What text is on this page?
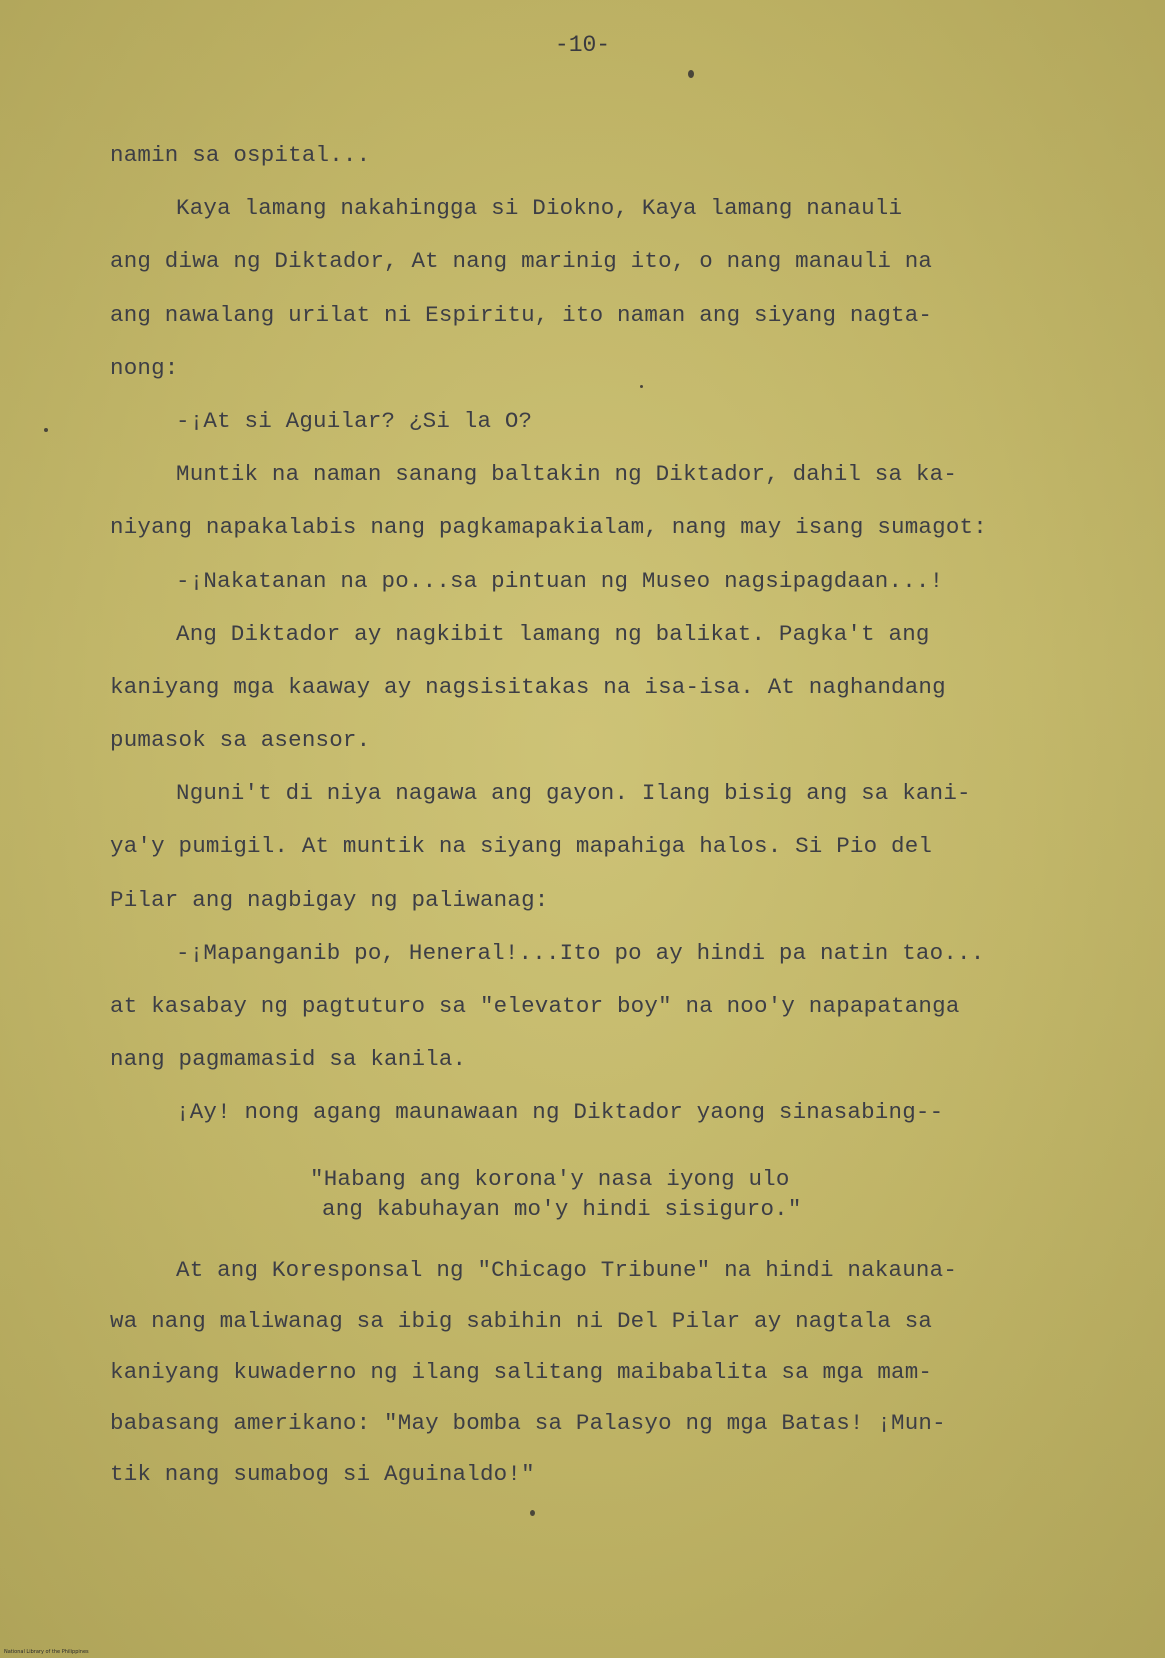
-10-
namin sa ospital...
Kaya lamang nakahingga si Diokno, Kaya lamang nanauli
ang diwa ng Diktador, At nang marinig ito, o nang manauli na
ang nawalang urilat ni Espiritu, ito naman ang siyang nagta-
nong:
-¡At si Aguilar? ¿Si la O?
Muntik na naman sanang baltakin ng Diktador, dahil sa ka-
niyang napakalabis nang pagkamapakialam, nang may isang sumagot:
-¡Nakatanan na po...sa pintuan ng Museo nagsipagdaan...!
Ang Diktador ay nagkibit lamang ng balikat. Pagka't ang
kaniyang mga kaaway ay nagsisitakas na isa-isa. At naghandang
pumasok sa asensor.
Nguni't di niya nagawa ang gayon. Ilang bisig ang sa kani-
ya'y pumigil. At muntik na siyang mapahiga halos. Si Pio del
Pilar ang nagbigay ng paliwanag:
-¡Mapanganib po, Heneral!...Ito po ay hindi pa natin tao...
at kasabay ng pagtuturo sa "elevator boy" na noo'y napapatanga
nang pagmamasid sa kanila.
¡Ay! nong agang maunawaan ng Diktador yaong sinasabing--
"Habang ang korona'y nasa iyong ulo
ang kabuhayan mo'y hindi sisiguro."
At ang Koresponsal ng "Chicago Tribune" na hindi nakauna-
wa nang maliwanag sa ibig sabihin ni Del Pilar ay nagtala sa
kaniyang kuwaderno ng ilang salitang maibabalita sa mga mam-
babasang amerikano: "May bomba sa Palasyo ng mga Batas! ¡Mun-
tik nang sumabog si Aguinaldo!"
National Library of the Philippines
